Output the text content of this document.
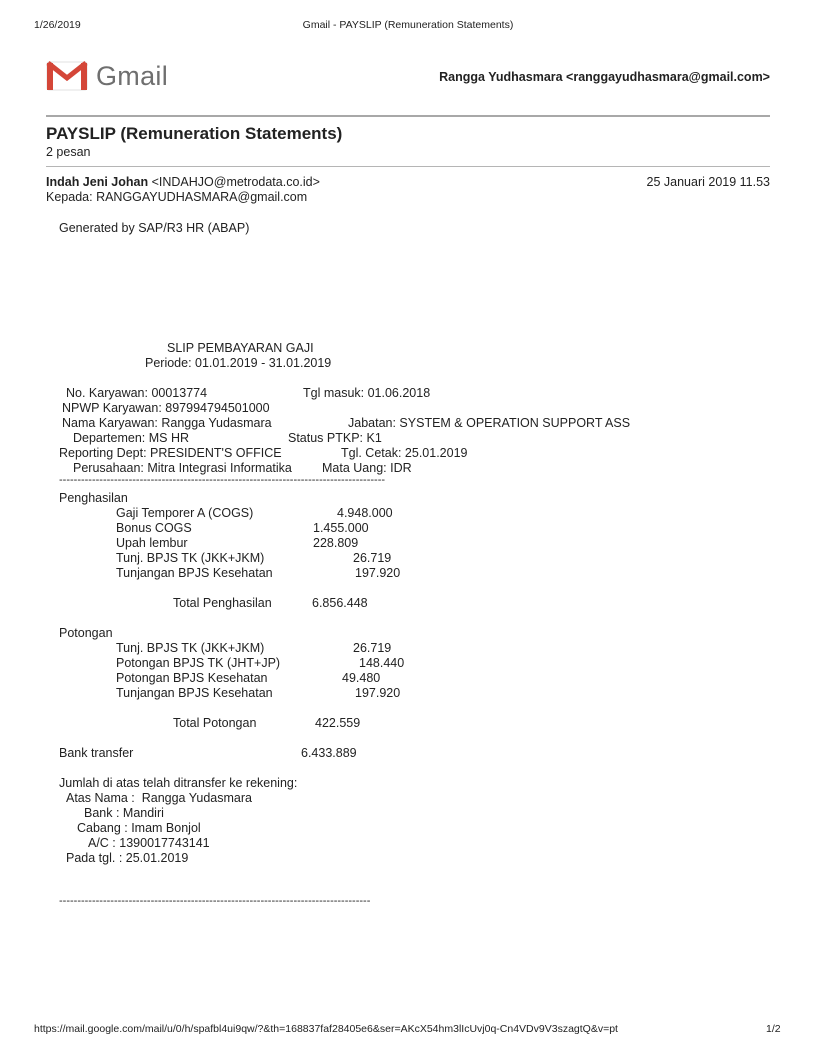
1/26/2019	Gmail - PAYSLIP (Remuneration Statements)
Gmail	Rangga Yudhasmara <ranggayudhasmara@gmail.com>
PAYSLIP (Remuneration Statements)
2 pesan
Indah Jeni Johan <INDAHJO@metrodata.co.id>	25 Januari 2019 11.53
Kepada: RANGGAYUDHASMARA@gmail.com
Generated by SAP/R3 HR (ABAP)
SLIP PEMBAYARAN GAJI
Periode: 01.01.2019 - 31.01.2019
No. Karyawan: 00013774	Tgl masuk: 01.06.2018
NPWP Karyawan: 897994794501000
Nama Karyawan: Rangga Yudasmara	Jabatan: SYSTEM & OPERATION SUPPORT ASS
Departemen: MS HR	Status PTKP: K1
Reporting Dept: PRESIDENT'S OFFICE	Tgl. Cetak: 25.01.2019
Perusahaan: Mitra Integrasi Informatika Mata Uang: IDR
-----------------------------------------------------------------------------------------
Penghasilan
Gaji Temporer A (COGS)	4.948.000
Bonus COGS	1.455.000
Upah lembur	228.809
Tunj. BPJS TK (JKK+JKM)	26.719
Tunjangan BPJS Kesehatan	197.920
Total Penghasilan	6.856.448
Potongan
Tunj. BPJS TK (JKK+JKM)	26.719
Potongan BPJS TK (JHT+JP)	148.440
Potongan BPJS Kesehatan	49.480
Tunjangan BPJS Kesehatan	197.920
Total Potongan	422.559
Bank transfer	6.433.889
Jumlah di atas telah ditransfer ke rekening:
Atas Nama :  Rangga Yudasmara
Bank : Mandiri
Cabang : Imam Bonjol
A/C : 1390017743141
Pada tgl. : 25.01.2019
-------------------------------------------------------------------------------------
https://mail.google.com/mail/u/0/h/spafbl4ui9qw/?&th=168837faf28405e6&ser=AKcX54hm3lIcUvj0q-Cn4VDv9V3szagtQ&v=pt	1/2
